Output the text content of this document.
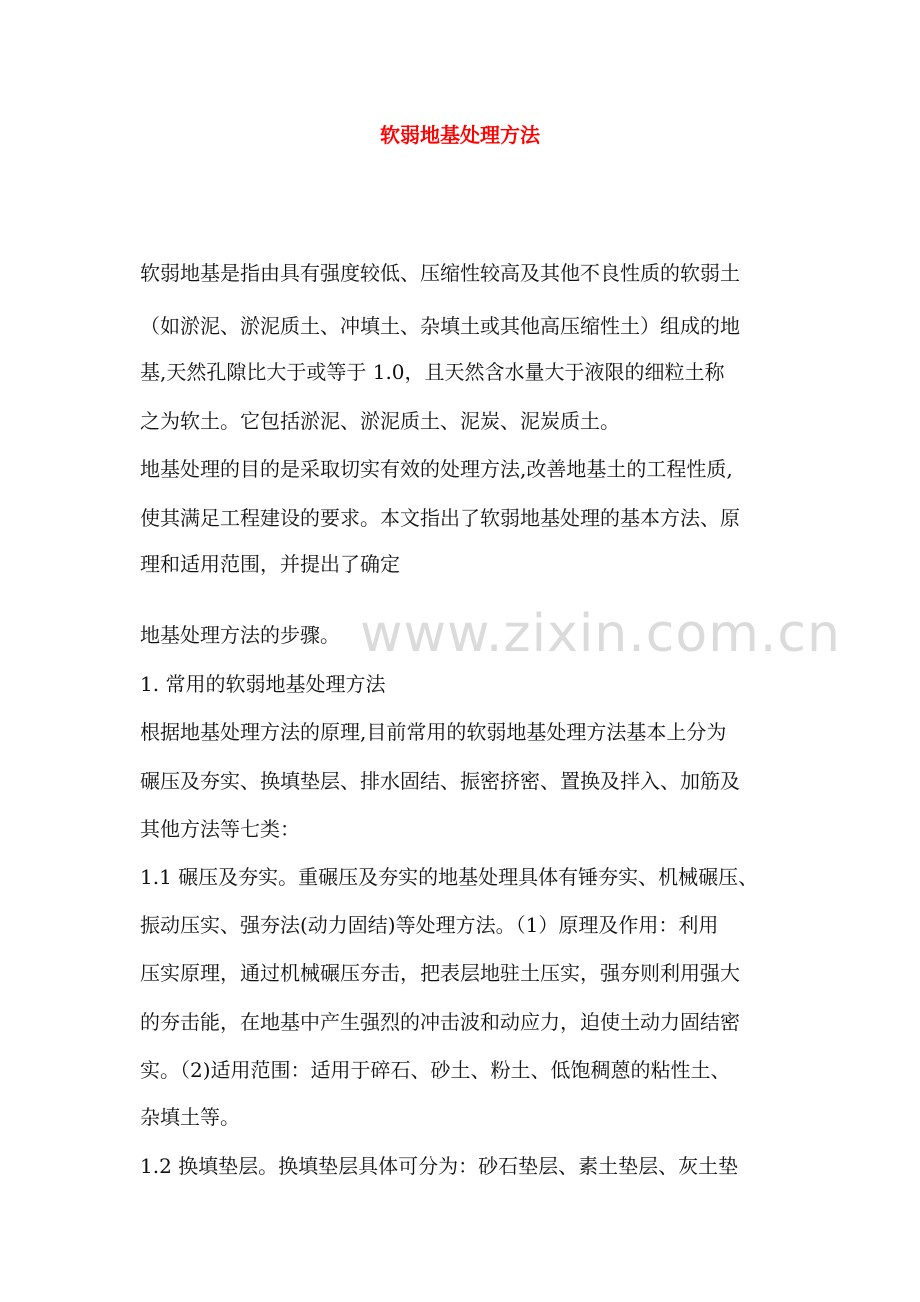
软弱地基处理方法
软弱地基是指由具有强度较低、压缩性较高及其他不良性质的软弱土
（如淤泥、淤泥质土、冲填土、杂填土或其他高压缩性土）组成的地
基,天然孔隙比大于或等于 1.0，且天然含水量大于液限的细粒土称
之为软土。它包括淤泥、淤泥质土、泥炭、泥炭质土。
地基处理的目的是采取切实有效的处理方法,改善地基土的工程性质,
使其满足工程建设的要求。本文指出了软弱地基处理的基本方法、原
理和适用范围，并提出了确定
地基处理方法的步骤。
1. 常用的软弱地基处理方法
根据地基处理方法的原理,目前常用的软弱地基处理方法基本上分为
碾压及夯实、换填垫层、排水固结、振密挤密、置换及拌入、加筋及
其他方法等七类：
1.1 碾压及夯实。重碾压及夯实的地基处理具体有锤夯实、机械碾压、
振动压实、强夯法(动力固结)等处理方法。（1）原理及作用：利用
压实原理，通过机械碾压夯击，把表层地驻土压实，强夯则利用强大
的夯击能，在地基中产生强烈的冲击波和动应力，迫使土动力固结密
实。（2)适用范围：适用于碎石、砂土、粉土、低饱稠蒽的粘性土、
杂填土等。
1.2 换填垫层。换填垫层具体可分为：砂石垫层、素土垫层、灰土垫
www.zixin.com.cn
